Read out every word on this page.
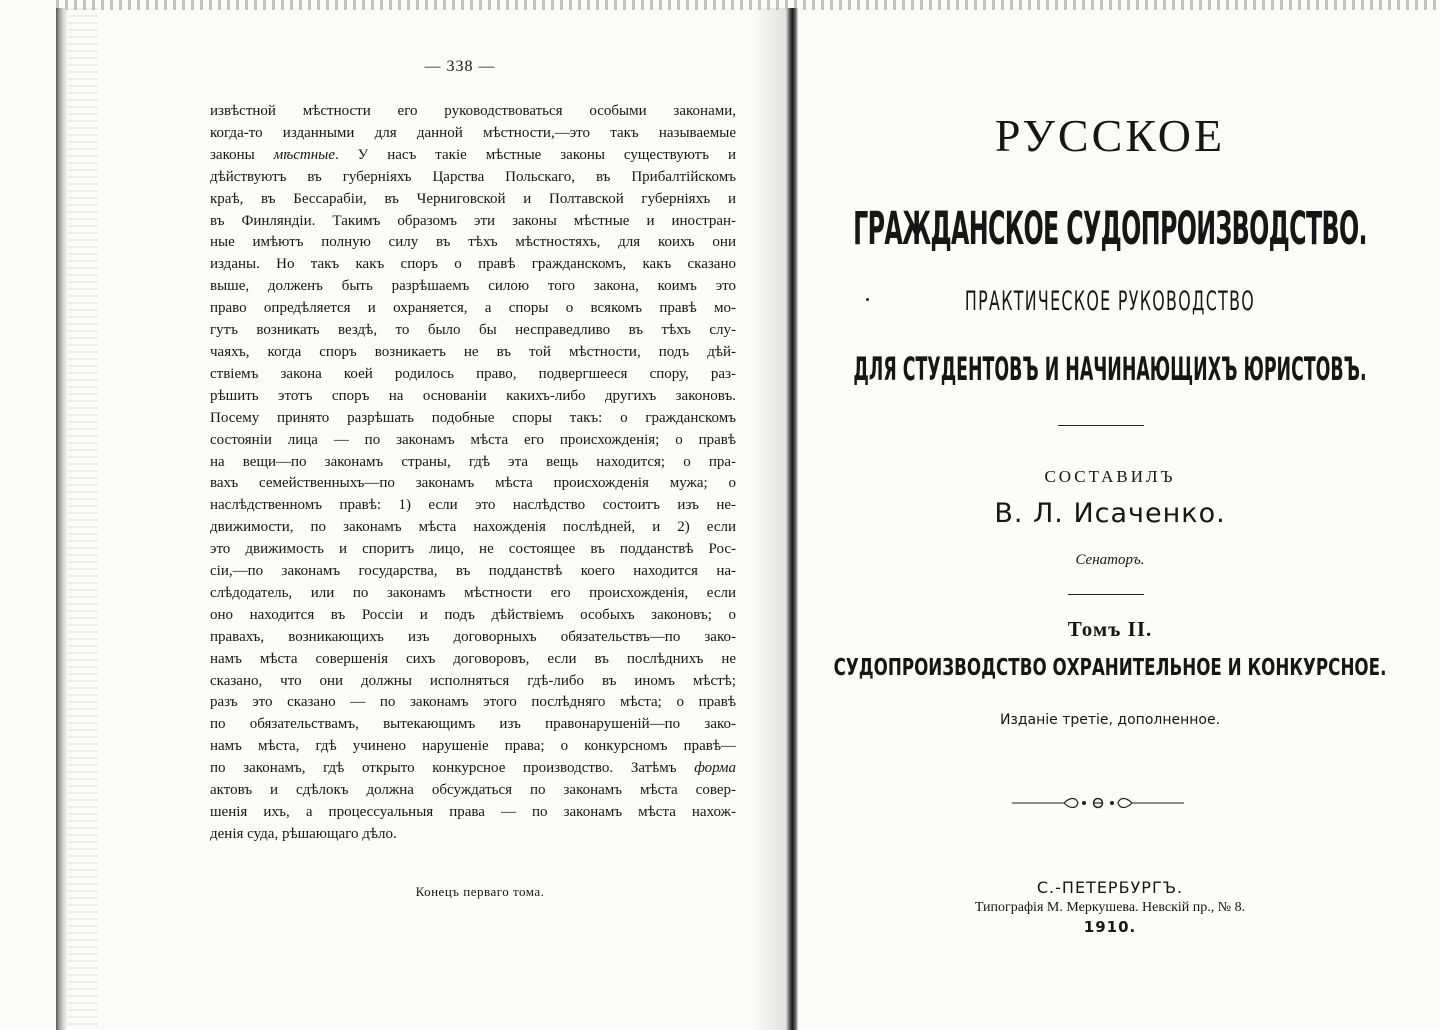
— 338 —
извѣстной мѣстности его руководствоваться особыми законами,
когда-то изданными для данной мѣстности,—это такъ называемые
законы мѣстные. У насъ такіе мѣстные законы существуютъ и
дѣйствуютъ въ губерніяхъ Царства Польскаго, въ Прибалтійскомъ
краѣ, въ Бессарабіи, въ Черниговской и Полтавской губерніяхъ и
въ Финляндіи. Такимъ образомъ эти законы мѣстные и иностран-
ные имѣютъ полную силу въ тѣхъ мѣстностяхъ, для коихъ они
изданы. Но такъ какъ споръ о правѣ гражданскомъ, какъ сказано
выше, долженъ быть разрѣшаемъ силою того закона, коимъ это
право опредѣляется и охраняется, а споры о всякомъ правѣ мо-
гутъ возникать вездѣ, то было бы несправедливо въ тѣхъ слу-
чаяхъ, когда споръ возникаетъ не въ той мѣстности, подъ дѣй-
ствіемъ закона коей родилось право, подвергшееся спору, раз-
рѣшить этотъ споръ на основаніи какихъ-либо другихъ законовъ.
Посему принято разрѣшать подобные споры такъ: о гражданскомъ
состояніи лица — по законамъ мѣста его происхожденія; о правѣ
на вещи—по законамъ страны, гдѣ эта вещь находится; о пра-
вахъ семейственныхъ—по законамъ мѣста происхожденія мужа; о
наслѣдственномъ правѣ: 1) если это наслѣдство состоитъ изъ не-
движимости, по законамъ мѣста нахожденія послѣдней, и 2) если
это движимость и споритъ лицо, не состоящее въ подданствѣ Рос-
сіи,—по законамъ государства, въ подданствѣ коего находится на-
слѣдодатель, или по законамъ мѣстности его происхожденія, если
оно находится въ Россіи и подъ дѣйствіемъ особыхъ законовъ; о
правахъ, возникающихъ изъ договорныхъ обязательствъ—по зако-
намъ мѣста совершенія сихъ договоровъ, если въ послѣднихъ не
сказано, что они должны исполняться гдѣ-либо въ иномъ мѣстѣ;
разъ это сказано — по законамъ этого послѣдняго мѣста; о правѣ
по обязательствамъ, вытекающимъ изъ правонарушеній—по зако-
намъ мѣста, гдѣ учинено нарушеніе права; о конкурсномъ правѣ—
по законамъ, гдѣ открыто конкурсное производство. Затѣмъ форма
актовъ и сдѣлокъ должна обсуждаться по законамъ мѣста совер-
шенія ихъ, а процессуальныя права — по законамъ мѣста нахож-
денія суда, рѣшающаго дѣло.
Конецъ перваго тома.
РУССКОЕ
ГРАЖДАНСКОЕ СУДОПРОИЗВОДСТВО.
ПРАКТИЧЕСКОЕ РУКОВОДСТВО
ДЛЯ СТУДЕНТОВЪ И НАЧИНАЮЩИХЪ ЮРИСТОВЪ.
СОСТАВИЛЪ
В. Л. Исаченко.
Сенаторъ.
Томъ II.
СУДОПРОИЗВОДСТВО ОХРАНИТЕЛЬНОЕ И КОНКУРСНОЕ.
Изданіе третіе, дополненное.
С.-ПЕТЕРБУРГЪ.
Типографія М. Меркушева. Невскій пр., № 8.
1910.
